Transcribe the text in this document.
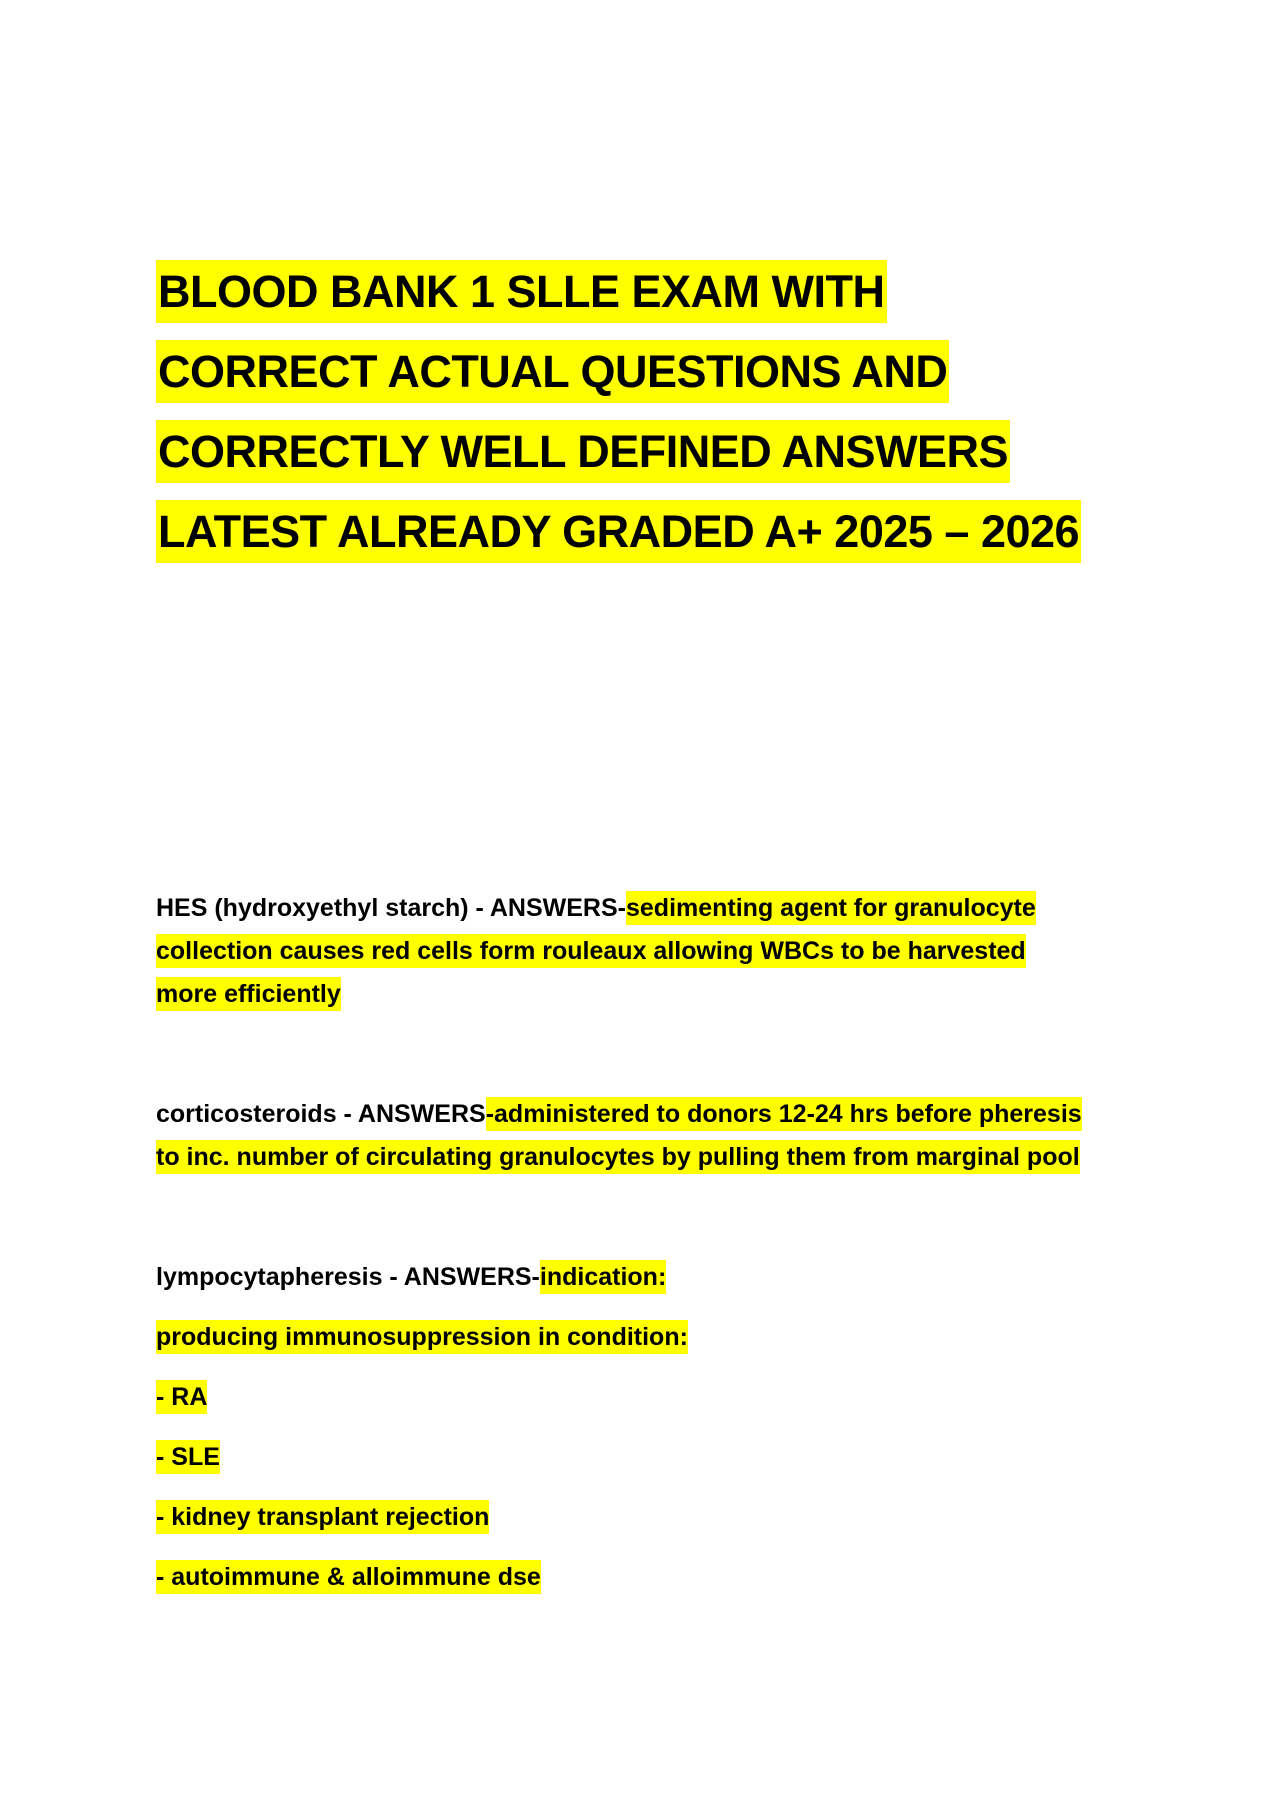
BLOOD BANK 1 SLLE EXAM WITH
CORRECT ACTUAL QUESTIONS AND
CORRECTLY WELL DEFINED ANSWERS
LATEST ALREADY GRADED A+ 2025 – 2026
HES (hydroxyethyl starch) - ANSWERS-sedimenting agent for granulocyte
collection causes red cells form rouleaux allowing WBCs to be harvested
more efficiently
corticosteroids - ANSWERS-administered to donors 12-24 hrs before pheresis
to inc. number of circulating granulocytes by pulling them from marginal pool
lympocytapheresis - ANSWERS-indication:
producing immunosuppression in condition:
- RA
- SLE
- kidney transplant rejection
- autoimmune & alloimmune dse
